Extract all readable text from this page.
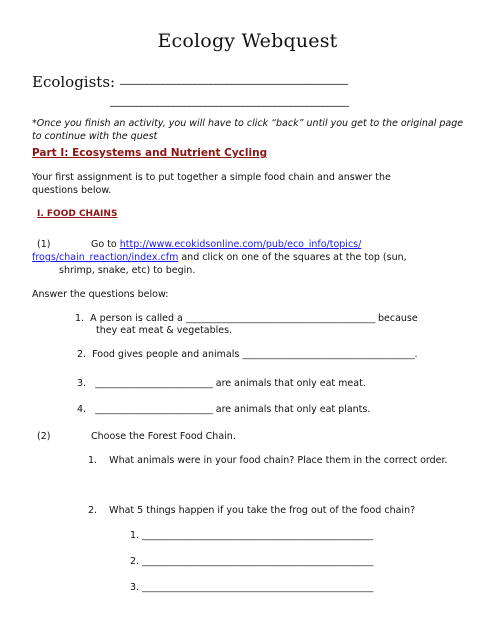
Ecology Webquest
Ecologists: ___________________________________________
_____________________________________________
*Once you finish an activity, you will have to click “back” until you get to the original page to continue with the quest
Part I: Ecosystems and Nutrient Cycling
Your first assignment is to put together a simple food chain and answer the questions below.
I. FOOD CHAINS
(1)	Go to http://www.ecokidsonline.com/pub/eco_info/topics/
frogs/chain_reaction/index.cfm and click on one of the squares at the top (sun,
shrimp, snake, etc) to begin.
Answer the questions below:
1. A person is called a _____________________________________________ because
they eat meat & vegetables.
2. Food gives people and animals _________________________________________.
3. ____________________________ are animals that only eat meat.
4. ____________________________ are animals that only eat plants.
(2)	Choose the Forest Food Chain.
1. What animals were in your food chain? Place them in the correct order.
2. What 5 things happen if you take the frog out of the food chain?
1. _______________________________________________________
2. _______________________________________________________
3. _______________________________________________________
